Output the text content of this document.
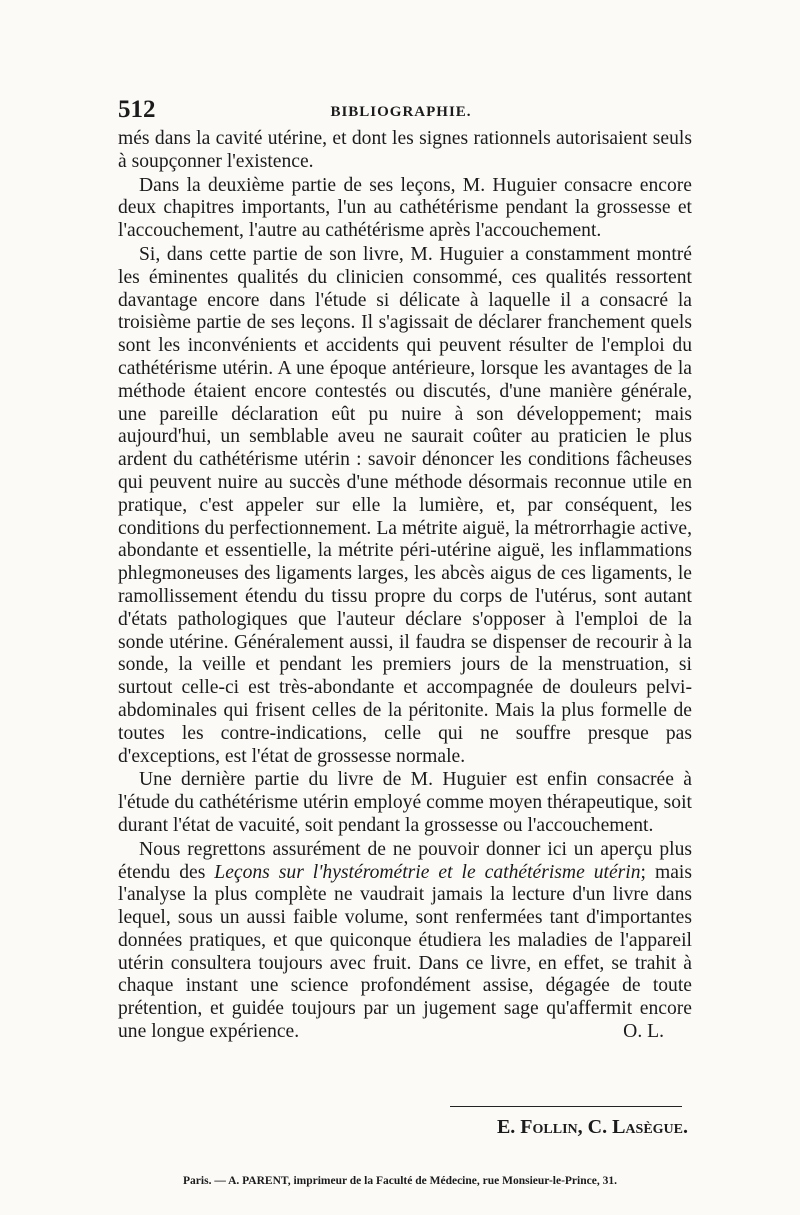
512	BIBLIOGRAPHIE.

més dans la cavité utérine, et dont les signes rationnels autorisaient seuls à soupçonner l'existence.

Dans la deuxième partie de ses leçons, M. Huguier consacre encore deux chapitres importants, l'un au cathétérisme pendant la grossesse et l'accouchement, l'autre au cathétérisme après l'accouchement.

Si, dans cette partie de son livre, M. Huguier a constamment montré les éminentes qualités du clinicien consommé, ces qualités ressortent davantage encore dans l'étude si délicate à laquelle il a consacré la troisième partie de ses leçons. Il s'agissait de déclarer franchement quels sont les inconvénients et accidents qui peuvent résulter de l'emploi du cathétérisme utérin. A une époque antérieure, lorsque les avantages de la méthode étaient encore contestés ou discutés, d'une manière générale, une pareille déclaration eût pu nuire à son développement; mais aujourd'hui, un semblable aveu ne saurait coûter au praticien le plus ardent du cathétérisme utérin : savoir dénoncer les conditions fâcheuses qui peuvent nuire au succès d'une méthode désormais reconnue utile en pratique, c'est appeler sur elle la lumière, et, par conséquent, les conditions du perfectionnement. La métrite aiguë, la métrorrhagie active, abondante et essentielle, la métrite péri-utérine aiguë, les inflammations phlegmoneuses des ligaments larges, les abcès aigus de ces ligaments, le ramollissement étendu du tissu propre du corps de l'utérus, sont autant d'états pathologiques que l'auteur déclare s'opposer à l'emploi de la sonde utérine. Généralement aussi, il faudra se dispenser de recourir à la sonde, la veille et pendant les premiers jours de la menstruation, si surtout celle-ci est très-abondante et accompagnée de douleurs pelvi-abdominales qui frisent celles de la péritonite. Mais la plus formelle de toutes les contre-indications, celle qui ne souffre presque pas d'exceptions, est l'état de grossesse normale.

Une dernière partie du livre de M. Huguier est enfin consacrée à l'étude du cathétérisme utérin employé comme moyen thérapeutique, soit durant l'état de vacuité, soit pendant la grossesse ou l'accouchement.

Nous regrettons assurément de ne pouvoir donner ici un aperçu plus étendu des Leçons sur l'hystérométrie et le cathétérisme utérin; mais l'analyse la plus complète ne vaudrait jamais la lecture d'un livre dans lequel, sous un aussi faible volume, sont renfermées tant d'importantes données pratiques, et que quiconque étudiera les maladies de l'appareil utérin consultera toujours avec fruit. Dans ce livre, en effet, se trahit à chaque instant une science profondément assise, dégagée de toute prétention, et guidée toujours par un jugement sage qu'affermit encore une longue expérience.	O. L.

E. Follin, C. Lasègue.
Paris. — A. PARENT, imprimeur de la Faculté de Médecine, rue Monsieur-le-Prince, 31.
